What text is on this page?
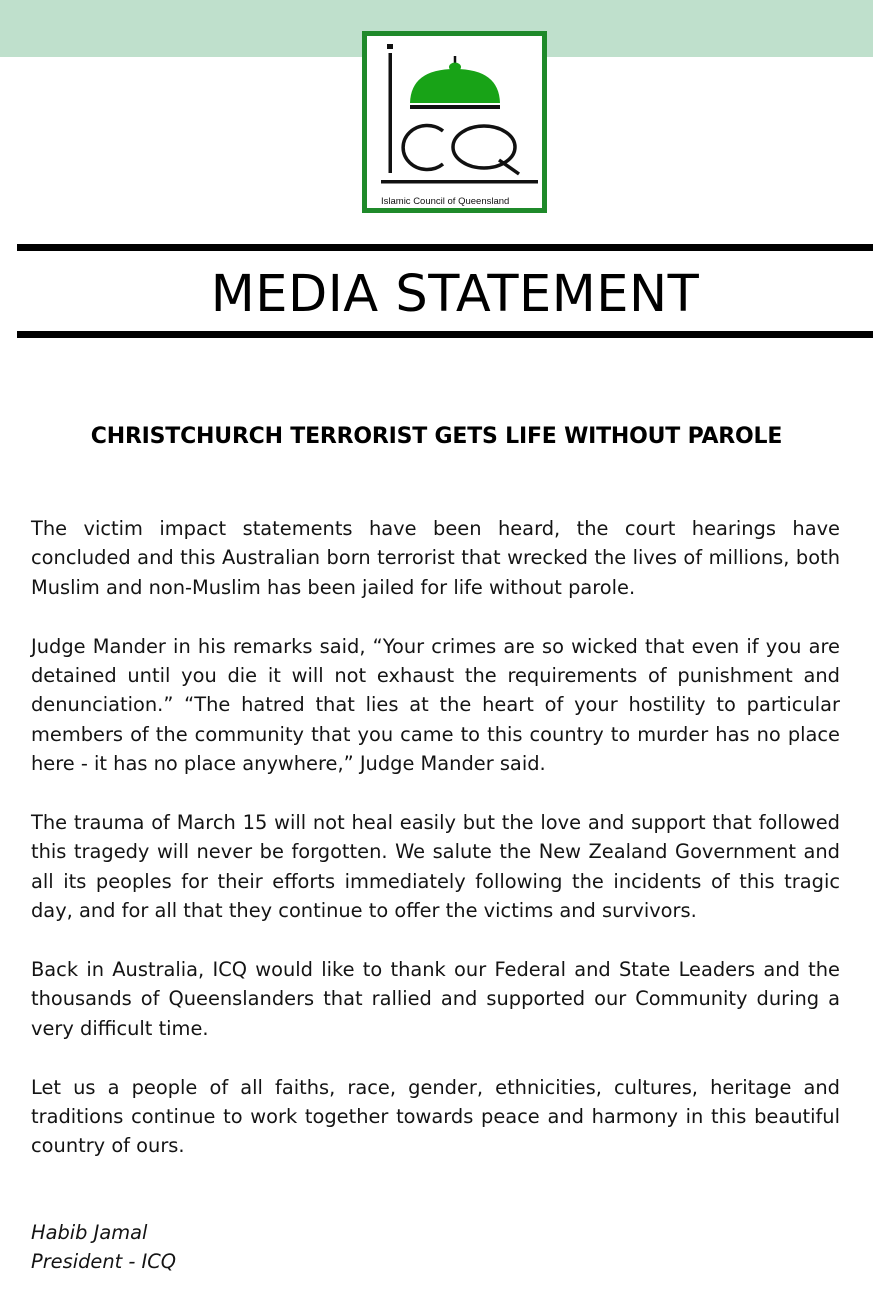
Islamic Council of Queensland
MEDIA STATEMENT
CHRISTCHURCH TERRORIST GETS LIFE WITHOUT PAROLE

The victim impact statements have been heard, the court hearings have concluded and this Australian born terrorist that wrecked the lives of millions, both Muslim and non-Muslim has been jailed for life without parole.

Judge Mander in his remarks said, “Your crimes are so wicked that even if you are detained until you die it will not exhaust the requirements of punishment and denunciation.” “The hatred that lies at the heart of your hostility to particular members of the community that you came to this country to murder has no place here - it has no place anywhere,” Judge Mander said.

The trauma of March 15 will not heal easily but the love and support that followed this tragedy will never be forgotten. We salute the New Zealand Government and all its peoples for their efforts immediately following the incidents of this tragic day, and for all that they continue to offer the victims and survivors.

Back in Australia, ICQ would like to thank our Federal and State Leaders and the thousands of Queenslanders that rallied and supported our Community during a very difficult time.

Let us a people of all faiths, race, gender, ethnicities, cultures, heritage and traditions continue to work together towards peace and harmony in this beautiful country of ours.

Habib Jamal
President - ICQ
